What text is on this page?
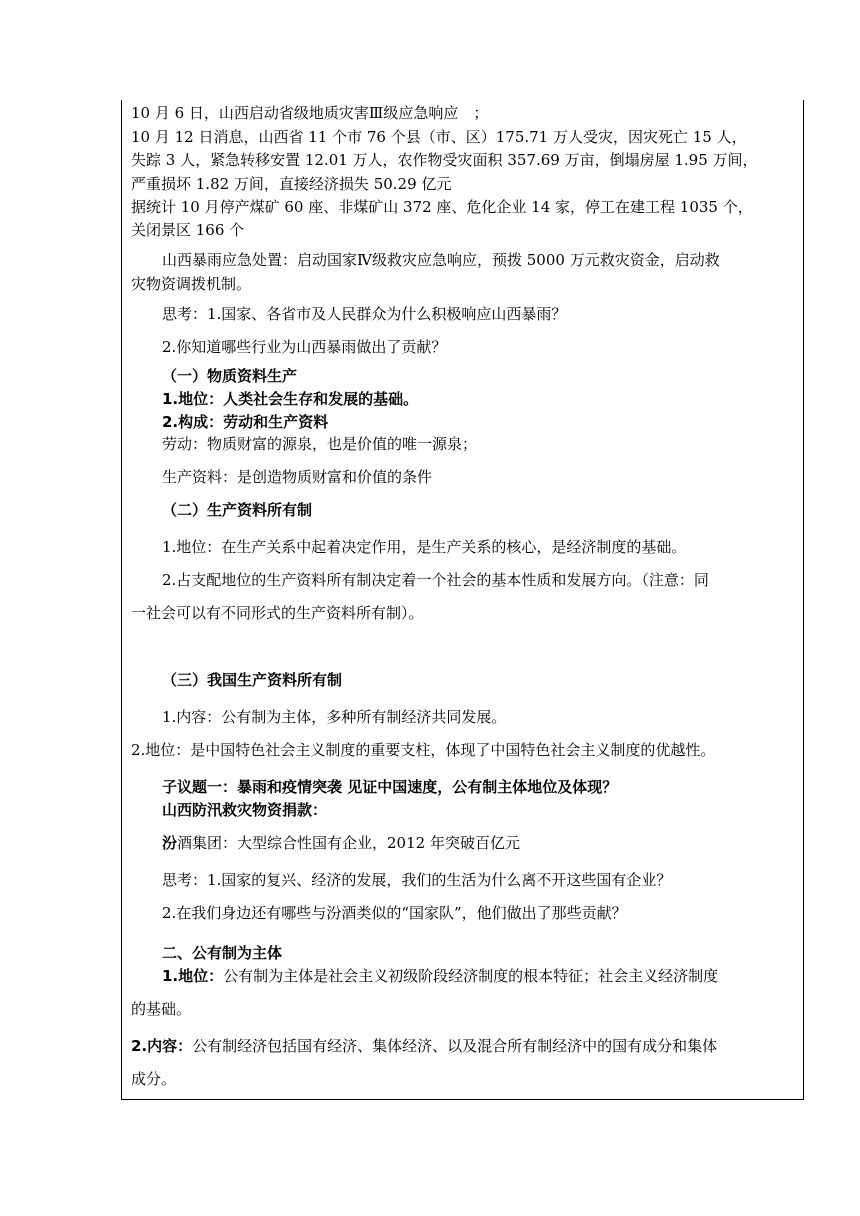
10 月 6 日，山西启动省级地质灾害Ⅲ级应急响应　；
10 月 12 日消息，山西省 11 个市 76 个县（市、区）175.71 万人受灾，因灾死亡 15 人，
失踪 3 人，紧急转移安置 12.01 万人，农作物受灾面积 357.69 万亩，倒塌房屋 1.95 万间，
严重损坏 1.82 万间，直接经济损失 50.29 亿元
据统计 10 月停产煤矿 60 座、非煤矿山 372 座、危化企业 14 家，停工在建工程 1035 个，
关闭景区 166 个
山西暴雨应急处置：启动国家Ⅳ级救灾应急响应，预拨 5000 万元救灾资金，启动救
灾物资调拨机制。
思考：1.国家、各省市及人民群众为什么积极响应山西暴雨？
2.你知道哪些行业为山西暴雨做出了贡献？
（一）物质资料生产
1.地位：人类社会生存和发展的基础。
2.构成：劳动和生产资料
劳动：物质财富的源泉，也是价值的唯一源泉；
生产资料：是创造物质财富和价值的条件
（二）生产资料所有制
1.地位：在生产关系中起着决定作用，是生产关系的核心，是经济制度的基础。
2.占支配地位的生产资料所有制决定着一个社会的基本性质和发展方向。（注意：同
一社会可以有不同形式的生产资料所有制）。
（三）我国生产资料所有制
1.内容：公有制为主体，多种所有制经济共同发展。
2.地位：是中国特色社会主义制度的重要支柱，体现了中国特色社会主义制度的优越性。
子议题一：暴雨和疫情突袭 见证中国速度，公有制主体地位及体现？
山西防汛救灾物资捐款：
汾酒集团：大型综合性国有企业，2012 年突破百亿元
思考：1.国家的复兴、经济的发展，我们的生活为什么离不开这些国有企业？
2.在我们身边还有哪些与汾酒类似的“国家队”，他们做出了那些贡献？
二、公有制为主体
1.地位：公有制为主体是社会主义初级阶段经济制度的根本特征；社会主义经济制度
的基础。
2.内容：公有制经济包括国有经济、集体经济、以及混合所有制经济中的国有成分和集体
成分。
